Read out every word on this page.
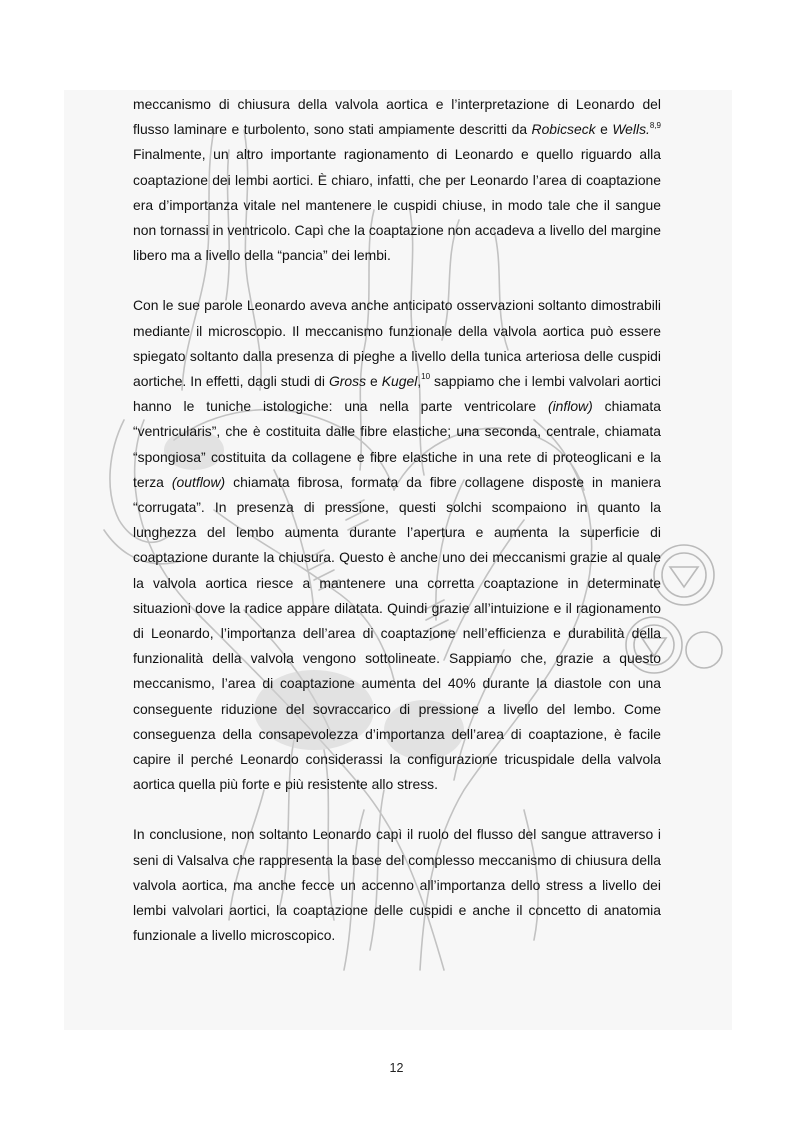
meccanismo di chiusura della valvola aortica e l’interpretazione di Leonardo del flusso laminare e turbolento, sono stati ampiamente descritti da Robicseck e Wells.$^{8,9}$ Finalmente, un altro importante ragionamento di Leonardo e quello riguardo alla coaptazione dei lembi aortici. È chiaro, infatti, che per Leonardo l’area di coaptazione era d’importanza vitale nel mantenere le cuspidi chiuse, in modo tale che il sangue non tornassi in ventricolo. Capì che la coaptazione non accadeva a livello del margine libero ma a livello della “pancia” dei lembi.

Con le sue parole Leonardo aveva anche anticipato osservazioni soltanto dimostrabili mediante il microscopio. Il meccanismo funzionale della valvola aortica può essere spiegato soltanto dalla presenza di pieghe a livello della tunica arteriosa delle cuspidi aortiche. In effetti, dagli studi di Gross e Kugel,$^{10}$ sappiamo che i lembi valvolari aortici hanno le tuniche istologiche: una nella parte ventricolare (inflow) chiamata “ventricularis”, che è costituita dalle fibre elastiche; una seconda, centrale, chiamata “spongiosa” costituita da collagene e fibre elastiche in una rete di proteoglicani e la terza (outflow) chiamata fibrosa, formata da fibre collagene disposte in maniera “corrugata”. In presenza di pressione, questi solchi scompaiono in quanto la lunghezza del lembo aumenta durante l’apertura e aumenta la superficie di coaptazione durante la chiusura. Questo è anche uno dei meccanismi grazie al quale la valvola aortica riesce a mantenere una corretta coaptazione in determinate situazioni dove la radice appare dilatata. Quindi grazie all’intuizione e il ragionamento di Leonardo, l’importanza dell’area di coaptazione nell’efficienza e durabilità della funzionalità della valvola vengono sottolineate. Sappiamo che, grazie a questo meccanismo, l’area di coaptazione aumenta del 40% durante la diastole con una conseguente riduzione del sovraccarico di pressione a livello del lembo. Come conseguenza della consapevolezza d’importanza dell’area di coaptazione, è facile capire il perché Leonardo considerassi la configurazione tricuspidale della valvola aortica quella più forte e più resistente allo stress.

In conclusione, non soltanto Leonardo capì il ruolo del flusso del sangue attraverso i seni di Valsalva che rappresenta la base del complesso meccanismo di chiusura della valvola aortica, ma anche fecce un accenno all’importanza dello stress a livello dei lembi valvolari aortici, la coaptazione delle cuspidi e anche il concetto di anatomia funzionale a livello microscopico.

12
